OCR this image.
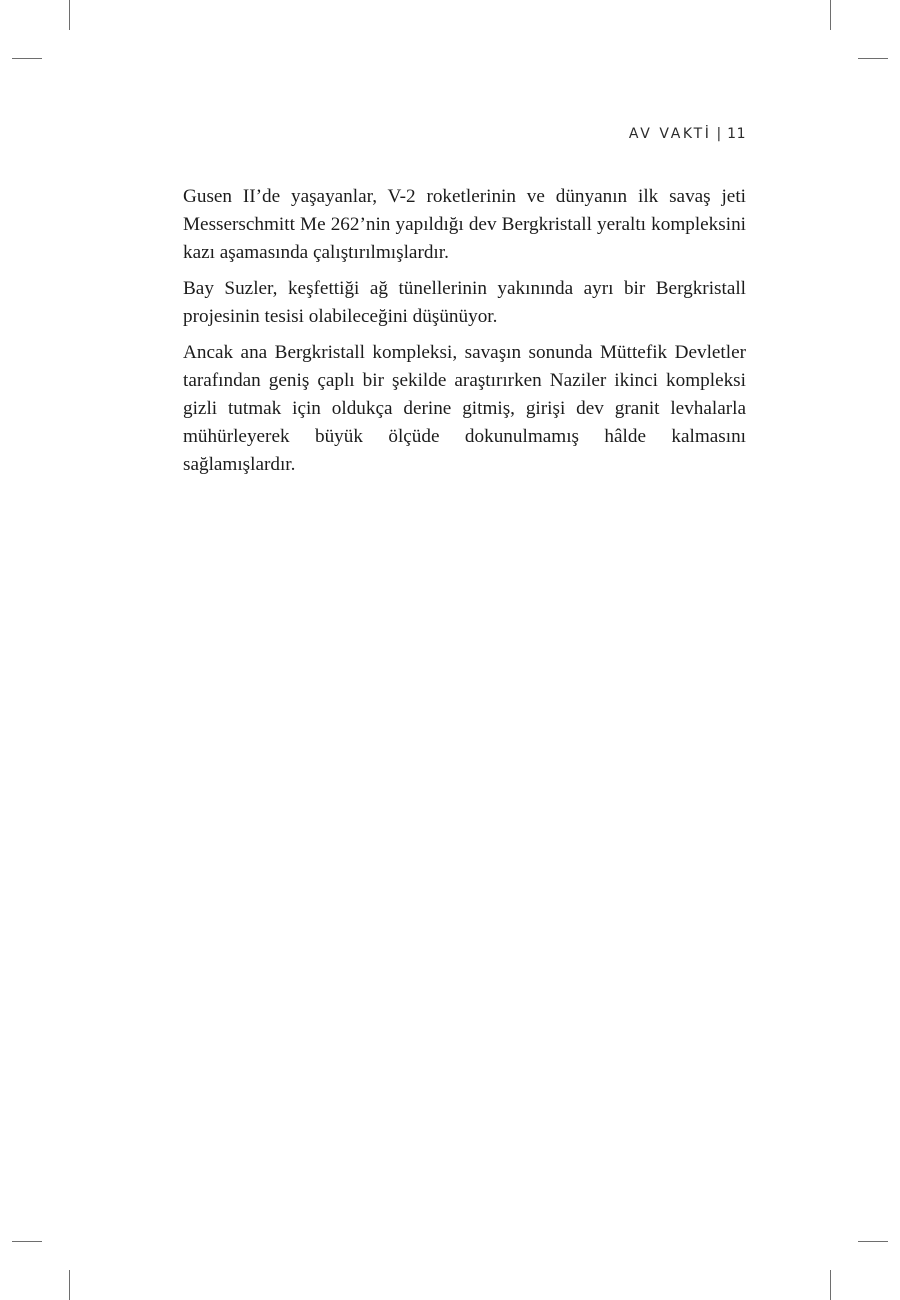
AV VAKTİ | 11

Gusen II’de yaşayanlar, V-2 roketlerinin ve dünyanın ilk savaş jeti Messerschmitt Me 262’nin yapıldığı dev Bergkristall yeraltı kompleksini kazı aşamasında çalıştırılmışlardır.

Bay Suzler, keşfettiği ağ tünellerinin yakınında ayrı bir Bergkristall projesinin tesisi olabileceğini düşünüyor.

Ancak ana Bergkristall kompleksi, savaşın sonunda Müttefik Devletler tarafından geniş çaplı bir şekilde araştırırken Naziler ikinci kompleksi gizli tutmak için oldukça derine gitmiş, girişi dev granit levhalarla mühürleyerek büyük ölçüde dokunulmamış hâlde kalmasını sağlamışlardır.
